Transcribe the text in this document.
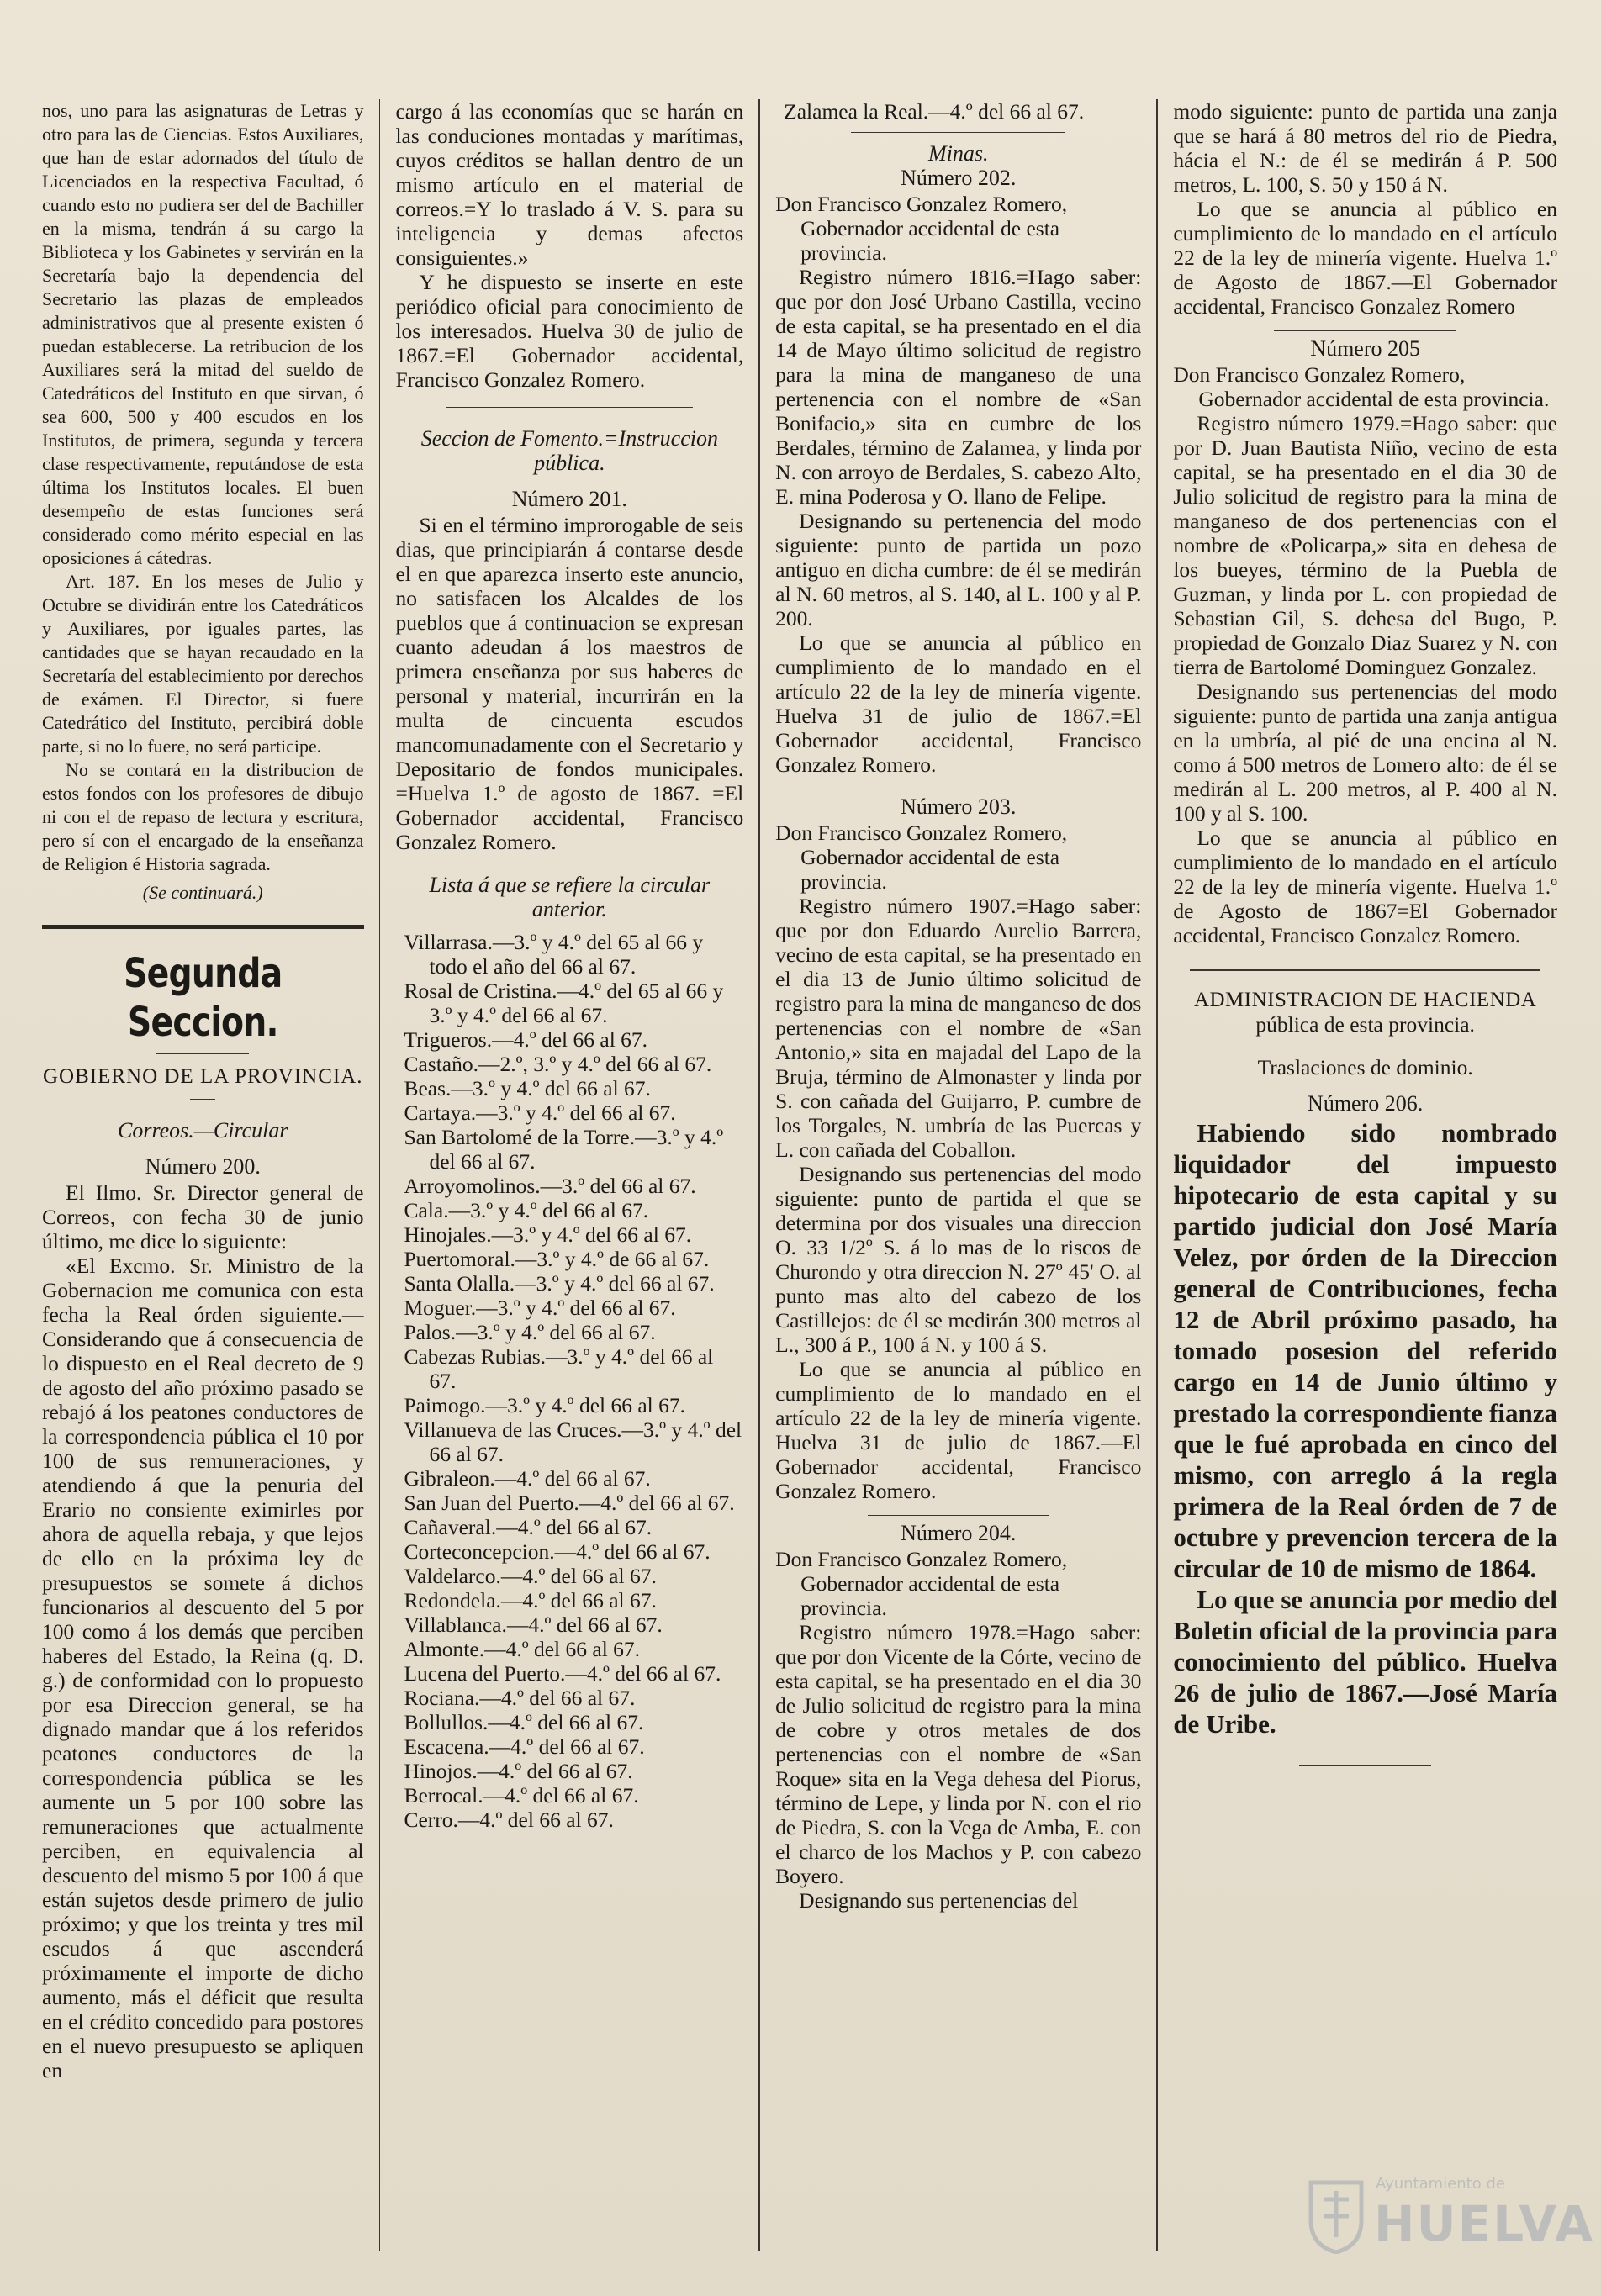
nos, uno para las asignaturas de Letras y otro para las de Ciencias. Estos Auxiliares, que han de estar adornados del título de Licenciados en la respectiva Facultad, ó cuando esto no pudiera ser del de Bachiller en la misma, tendrán á su cargo la Biblioteca y los Gabinetes y servirán en la Secretaría bajo la dependencia del Secretario las plazas de empleados administrativos que al presente existen ó puedan establecerse. La retribucion de los Auxiliares será la mitad del sueldo de Catedráticos del Instituto en que sirvan, ó sea 600, 500 y 400 escudos en los Institutos, de primera, segunda y tercera clase respectivamente, reputándose de esta última los Institutos locales. El buen desempeño de estas funciones será considerado como mérito especial en las oposiciones á cátedras.

Art. 187. En los meses de Julio y Octubre se dividirán entre los Catedráticos y Auxiliares, por iguales partes, las cantidades que se hayan recaudado en la Secretaría del establecimiento por derechos de exámen. El Director, si fuere Catedrático del Instituto, percibirá doble parte, si no lo fuere, no será participe.

No se contará en la distribucion de estos fondos con los profesores de dibujo ni con el de repaso de lectura y escritura, pero sí con el encargado de la enseñanza de Religion é Historia sagrada.

(Se continuará.)

Segunda Seccion.
GOBIERNO DE LA PROVINCIA.
Correos.—Circular
Número 200.

El Ilmo. Sr. Director general de Correos, con fecha 30 de junio último, me dice lo siguiente:

«El Excmo. Sr. Ministro de la Gobernacion me comunica con esta fecha la Real órden siguiente.—Considerando que á consecuencia de lo dispuesto en el Real decreto de 9 de agosto del año próximo pasado se rebajó á los peatones conductores de la correspondencia pública el 10 por 100 de sus remuneraciones, y atendiendo á que la penuria del Erario no consiente eximirles por ahora de aquella rebaja, y que lejos de ello en la próxima ley de presupuestos se somete á dichos funcionarios al descuento del 5 por 100 como á los demás que perciben haberes del Estado, la Reina (q. D. g.) de conformidad con lo propuesto por esa Direccion general, se ha dignado mandar que á los referidos peatones conductores de la correspondencia pública se les aumente un 5 por 100 sobre las remuneraciones que actualmente perciben, en equivalencia al descuento del mismo 5 por 100 á que están sujetos desde primero de julio próximo; y que los treinta y tres mil escudos á que ascenderá próximamente el importe de dicho aumento, más el déficit que resulta en el crédito concedido para postores en el nuevo presupuesto se apliquen en

cargo á las economías que se harán en las conduciones montadas y marítimas, cuyos créditos se hallan dentro de un mismo artículo en el material de correos.=Y lo traslado á V. S. para su inteligencia y demas afectos consiguientes.»

Y he dispuesto se inserte en este periódico oficial para conocimiento de los interesados. Huelva 30 de julio de 1867.=El Gobernador accidental, Francisco Gonzalez Romero.

Seccion de Fomento.=Instruccion pública.
Número 201.

Si en el término improrogable de seis dias, que principiarán á contarse desde el en que aparezca inserto este anuncio, no satisfacen los Alcaldes de los pueblos que á continuacion se expresan cuanto adeudan á los maestros de primera enseñanza por sus haberes de personal y material, incurrirán en la multa de cincuenta escudos mancomunadamente con el Secretario y Depositario de fondos municipales. =Huelva 1.º de agosto de 1867. =El Gobernador accidental, Francisco Gonzalez Romero.

Lista á que se refiere la circular anterior.
Villarrasa.—3.º y 4.º del 65 al 66 y todo el año del 66 al 67.
Rosal de Cristina.—4.º del 65 al 66 y 3.º y 4.º del 66 al 67.
Trigueros.—4.º del 66 al 67.
Castaño.—2.º, 3.º y 4.º del 66 al 67.
Beas.—3.º y 4.º del 66 al 67.
Cartaya.—3.º y 4.º del 66 al 67.
San Bartolomé de la Torre.—3.º y 4.º del 66 al 67.
Arroyomolinos.—3.º del 66 al 67.
Cala.—3.º y 4.º del 66 al 67.
Hinojales.—3.º y 4.º del 66 al 67.
Puertomoral.—3.º y 4.º de 66 al 67.
Santa Olalla.—3.º y 4.º del 66 al 67.
Moguer.—3.º y 4.º del 66 al 67.
Palos.—3.º y 4.º del 66 al 67.
Cabezas Rubias.—3.º y 4.º del 66 al 67.
Paimogo.—3.º y 4.º del 66 al 67.
Villanueva de las Cruces.—3.º y 4.º del 66 al 67.
Gibraleon.—4.º del 66 al 67.
San Juan del Puerto.—4.º del 66 al 67.
Cañaveral.—4.º del 66 al 67.
Corteconcepcion.—4.º del 66 al 67.
Valdelarco.—4.º del 66 al 67.
Redondela.—4.º del 66 al 67.
Villablanca.—4.º del 66 al 67.
Almonte.—4.º del 66 al 67.
Lucena del Puerto.—4.º del 66 al 67.
Rociana.—4.º del 66 al 67.
Bollullos.—4.º del 66 al 67.
Escacena.—4.º del 66 al 67.
Hinojos.—4.º del 66 al 67.
Berrocal.—4.º del 66 al 67.
Cerro.—4.º del 66 al 67.
Zalamea la Real.—4.º del 66 al 67.
Minas.
Número 202.
Don Francisco Gonzalez Romero, Gobernador accidental de esta provincia.

Registro número 1816.=Hago saber: que por don José Urbano Castilla, vecino de esta capital, se ha presentado en el dia 14 de Mayo último solicitud de registro para la mina de manganeso de una pertenencia con el nombre de «San Bonifacio,» sita en cumbre de los Berdales, término de Zalamea, y linda por N. con arroyo de Berdales, S. cabezo Alto, E. mina Poderosa y O. llano de Felipe.

Designando su pertenencia del modo siguiente: punto de partida un pozo antiguo en dicha cumbre: de él se medirán al N. 60 metros, al S. 140, al L. 100 y al P. 200.

Lo que se anuncia al público en cumplimiento de lo mandado en el artículo 22 de la ley de minería vigente. Huelva 31 de julio de 1867.=El Gobernador accidental, Francisco Gonzalez Romero.

Número 203.
Don Francisco Gonzalez Romero, Gobernador accidental de esta provincia.

Registro número 1907.=Hago saber: que por don Eduardo Aurelio Barrera, vecino de esta capital, se ha presentado en el dia 13 de Junio último solicitud de registro para la mina de manganeso de dos pertenencias con el nombre de «San Antonio,» sita en majadal del Lapo de la Bruja, término de Almonaster y linda por S. con cañada del Guijarro, P. cumbre de los Torgales, N. umbría de las Puercas y L. con cañada del Coballon.

Designando sus pertenencias del modo siguiente: punto de partida el que se determina por dos visuales una direccion O. 33 1/2º S. á lo mas de lo riscos de Churondo y otra direccion N. 27º 45' O. al punto mas alto del cabezo de los Castillejos: de él se medirán 300 metros al L., 300 á P., 100 á N. y 100 á S.

Lo que se anuncia al público en cumplimiento de lo mandado en el artículo 22 de la ley de minería vigente. Huelva 31 de julio de 1867.—El Gobernador accidental, Francisco Gonzalez Romero.

Número 204.
Don Francisco Gonzalez Romero, Gobernador accidental de esta provincia.

Registro número 1978.=Hago saber: que por don Vicente de la Córte, vecino de esta capital, se ha presentado en el dia 30 de Julio solicitud de registro para la mina de cobre y otros metales de dos pertenencias con el nombre de «San Roque» sita en la Vega dehesa del Piorus, término de Lepe, y linda por N. con el rio de Piedra, S. con la Vega de Amba, E. con el charco de los Machos y P. con cabezo Boyero.

Designando sus pertenencias del

modo siguiente: punto de partida una zanja que se hará á 80 metros del rio de Piedra, hácia el N.: de él se medirán á P. 500 metros, L. 100, S. 50 y 150 á N.

Lo que se anuncia al público en cumplimiento de lo mandado en el artículo 22 de la ley de minería vigente. Huelva 1.º de Agosto de 1867.—El Gobernador accidental, Francisco Gonzalez Romero

Número 205
Don Francisco Gonzalez Romero, Gobernador accidental de esta provincia.

Registro número 1979.=Hago saber: que por D. Juan Bautista Niño, vecino de esta capital, se ha presentado en el dia 30 de Julio solicitud de registro para la mina de manganeso de dos pertenencias con el nombre de «Policarpa,» sita en dehesa de los bueyes, término de la Puebla de Guzman, y linda por L. con propiedad de Sebastian Gil, S. dehesa del Bugo, P. propiedad de Gonzalo Diaz Suarez y N. con tierra de Bartolomé Dominguez Gonzalez.

Designando sus pertenencias del modo siguiente: punto de partida una zanja antigua en la umbría, al pié de una encina al N. como á 500 metros de Lomero alto: de él se medirán al L. 200 metros, al P. 400 al N. 100 y al S. 100.

Lo que se anuncia al público en cumplimiento de lo mandado en el artículo 22 de la ley de minería vigente. Huelva 1.º de Agosto de 1867=El Gobernador accidental, Francisco Gonzalez Romero.

ADMINISTRACION DE HACIENDA
pública de esta provincia.
Traslaciones de dominio.
Número 206.

Habiendo sido nombrado liquidador del impuesto hipotecario de esta capital y su partido judicial don José María Velez, por órden de la Direccion general de Contribuciones, fecha 12 de Abril próximo pasado, ha tomado posesion del referido cargo en 14 de Junio último y prestado la correspondiente fianza que le fué aprobada en cinco del mismo, con arreglo á la regla primera de la Real órden de 7 de octubre y prevencion tercera de la circular de 10 de mismo de 1864.

Lo que se anuncia por medio del Boletin oficial de la provincia para conocimiento del público. Huelva 26 de julio de 1867.—José María de Uribe.

Ayuntamiento de
HUELVA
